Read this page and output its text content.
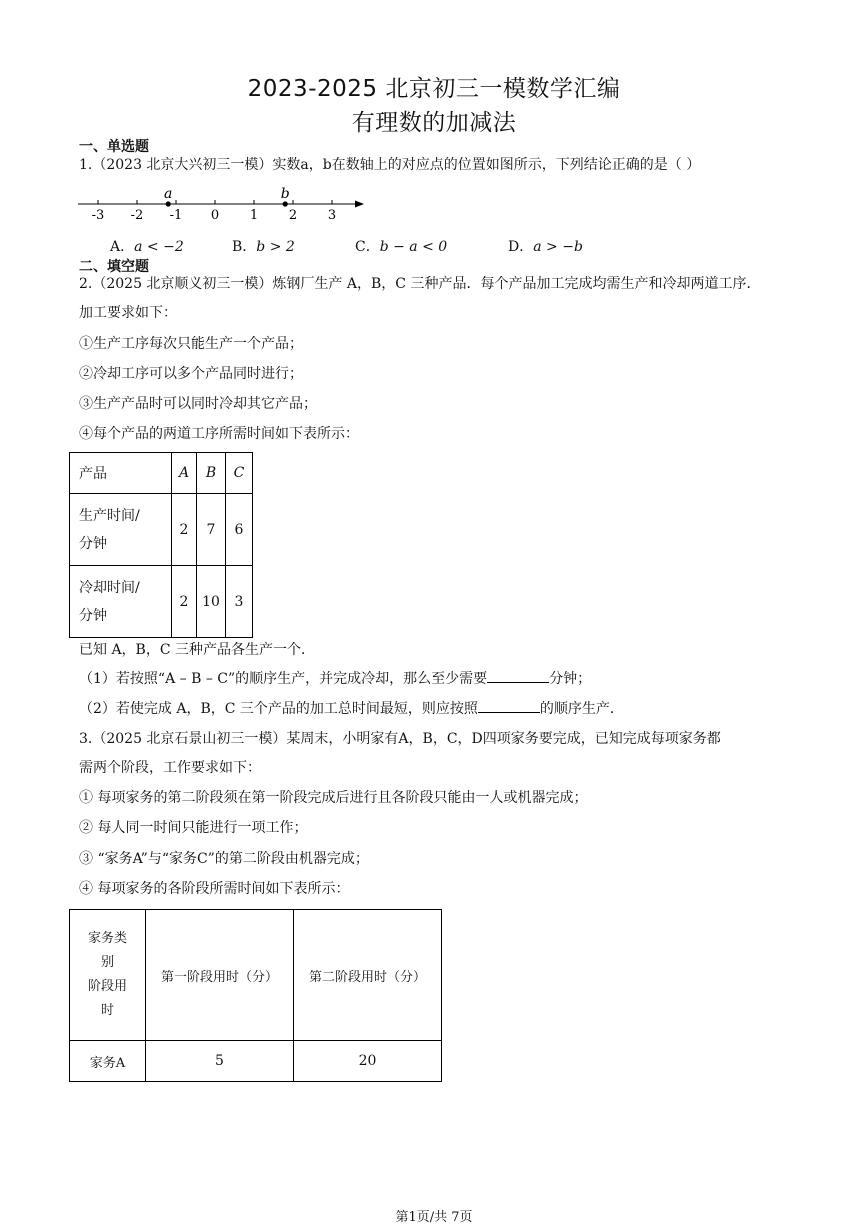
2023-2025 北京初三一模数学汇编
有理数的加减法
一、单选题
1.（2023 北京大兴初三一模）实数a，b在数轴上的对应点的位置如图所示，下列结论正确的是（ ）
-3 -2 -1 0 1 2 3
a	b
A．a < −2	B．b > 2	C．b − a < 0	D．a > −b
二、填空题
2.（2025 北京顺义初三一模）炼钢厂生产 A，B，C 三种产品．每个产品加工完成均需生产和冷却两道工序．
加工要求如下：
①生产工序每次只能生产一个产品；
②冷却工序可以多个产品同时进行；
③生产产品时可以同时冷却其它产品；
④每个产品的两道工序所需时间如下表所示：
产品	A	B	C

生产时间/
分钟	2	7	6

冷却时间/
分钟	2	10	3
已知 A，B，C 三种产品各生产一个．
（1）若按照“A – B – C”的顺序生产，并完成冷却，那么至少需要	分钟；
（2）若使完成 A，B，C 三个产品的加工总时间最短，则应按照	的顺序生产．
3.（2025 北京石景山初三一模）某周末，小明家有A，B，C，D四项家务要完成，已知完成每项家务都
需两个阶段，工作要求如下：
① 每项家务的第二阶段须在第一阶段完成后进行且各阶段只能由一人或机器完成；
② 每人同一时间只能进行一项工作；
③ “家务A”与“家务C”的第二阶段由机器完成；
④ 每项家务的各阶段所需时间如下表所示：
家务类
别
阶段用
时	第一阶段用时（分）	第二阶段用时（分）
家务A	5	20
第1页/共 7页
